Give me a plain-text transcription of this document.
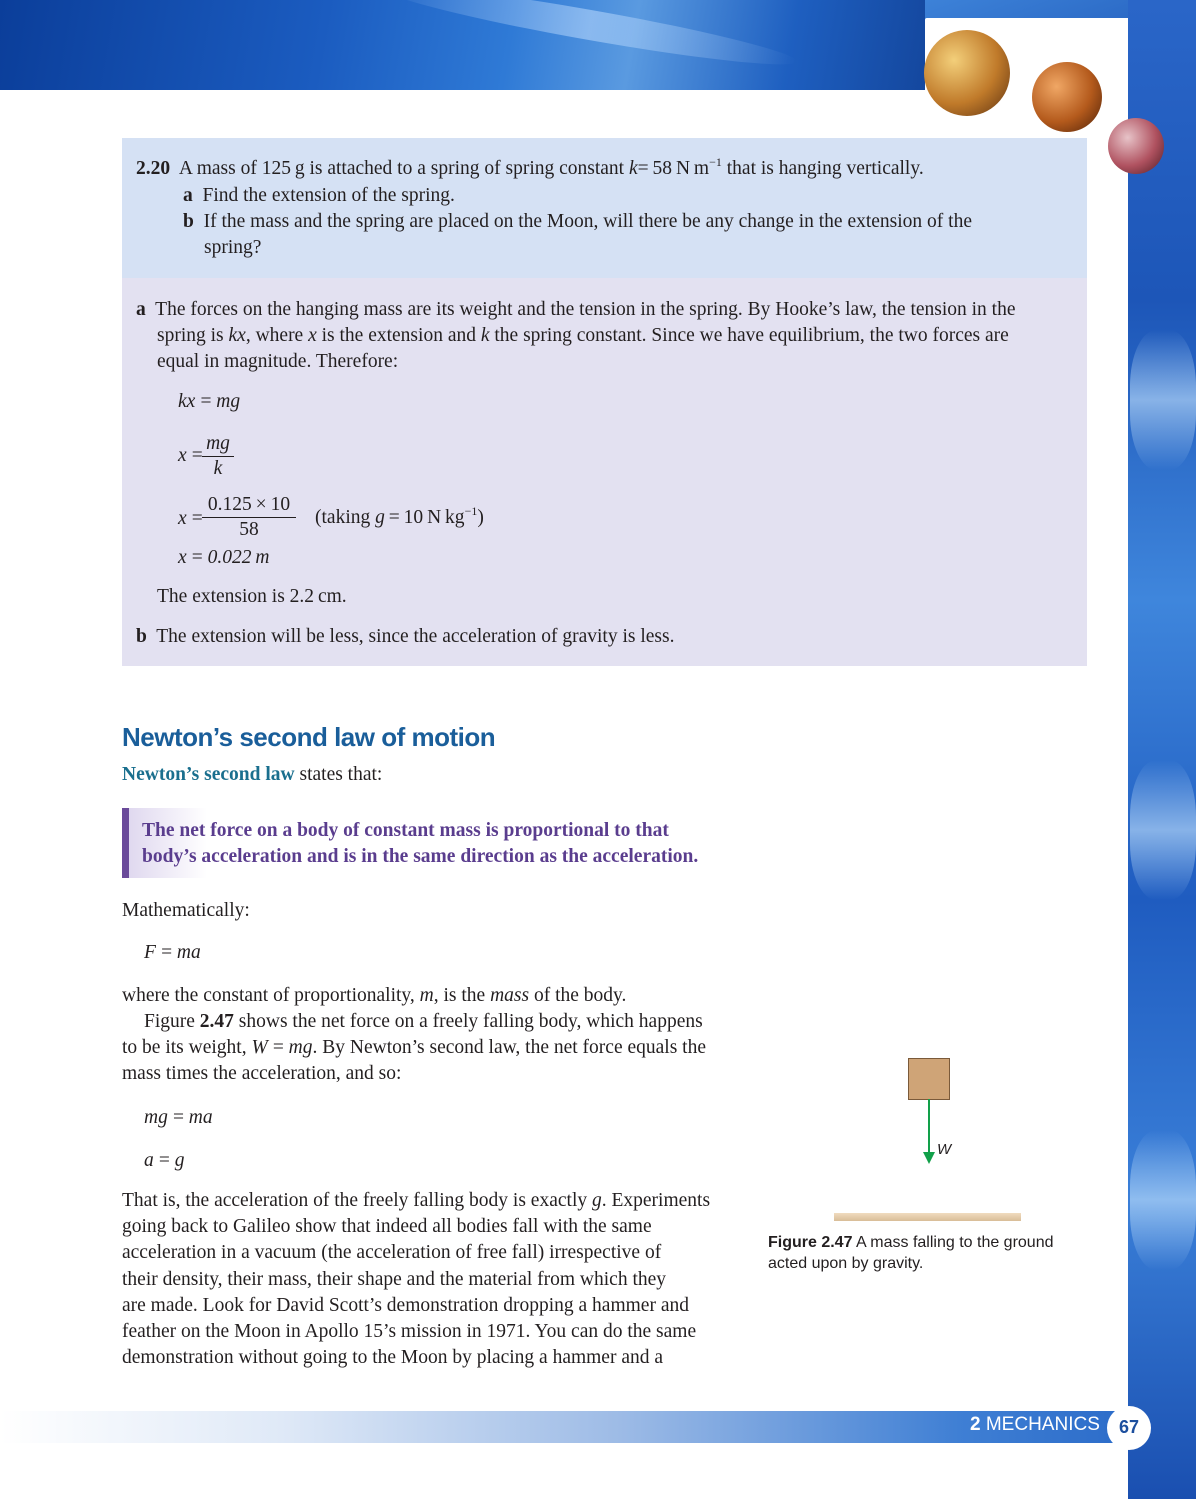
2.20 A mass of 125 g is attached to a spring of spring constant k= 58 N $m^{-1}$ that is hanging vertically.
a Find the extension of the spring.
b If the mass and the spring are placed on the Moon, will there be any change in the extension of the
spring?
a The forces on the hanging mass are its weight and the tension in the spring. By Hooke’s law, the tension in the
spring is kx, where x is the extension and k the spring constant. Since we have equilibrium, the two forces are
equal in magnitude. Therefore:
kx = mg
x =
$\frac{mg}{k}$
x =
$\frac{0.125 \times 10}{58}$ (taking g = 10 N $kg^{-1}$)
x = 0.022 m
The extension is 2.2 cm.
b The extension will be less, since the acceleration of gravity is less.
Newton’s second law of motion
Newton’s second law states that:
The net force on a body of constant mass is proportional to that
body’s acceleration and is in the same direction as the acceleration.
Mathematically:
F = ma
where the constant of proportionality, m, is the mass of the body.
Figure 2.47 shows the net force on a freely falling body, which happens
to be its weight, W = mg. By Newton’s second law, the net force equals the
mass times the acceleration, and so:
mg = ma
a = g
That is, the acceleration of the freely falling body is exactly g. Experiments
going back to Galileo show that indeed all bodies fall with the same
acceleration in a vacuum (the acceleration of free fall) irrespective of
their density, their mass, their shape and the material from which they
are made. Look for David Scott’s demonstration dropping a hammer and
feather on the Moon in Apollo 15’s mission in 1971. You can do the same
demonstration without going to the Moon by placing a hammer and a
W
Figure 2.47 A mass falling to the ground
acted upon by gravity.
2 MECHANICS	67
